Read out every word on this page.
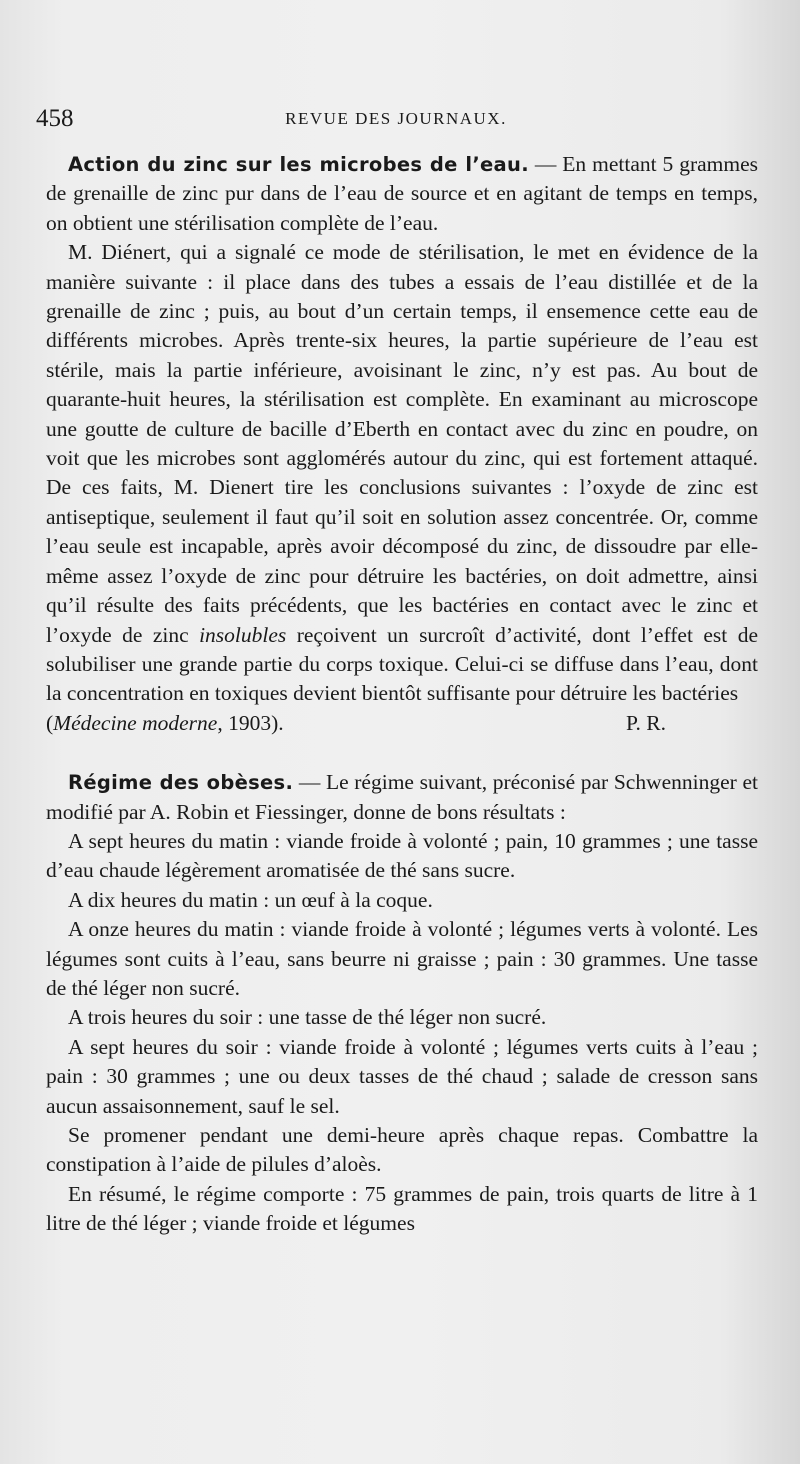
458	REVUE DES JOURNAUX.

Action du zinc sur les microbes de l’eau. — En mettant 5 grammes de grenaille de zinc pur dans de l’eau de source et en agitant de temps en temps, on obtient une stérilisation complète de l’eau.

M. Diénert, qui a signalé ce mode de stérilisation, le met en évidence de la manière suivante : il place dans des tubes a essais de l’eau distillée et de la grenaille de zinc ; puis, au bout d’un certain temps, il ensemence cette eau de différents microbes. Après trente-six heures, la partie supérieure de l’eau est stérile, mais la partie inférieure, avoisinant le zinc, n’y est pas. Au bout de quarante-huit heures, la stérilisation est complète. En examinant au microscope une goutte de culture de bacille d’Eberth en contact avec du zinc en poudre, on voit que les microbes sont agglomérés autour du zinc, qui est fortement attaqué. De ces faits, M. Dienert tire les conclusions suivantes : l’oxyde de zinc est antiseptique, seulement il faut qu’il soit en solution assez concentrée. Or, comme l’eau seule est incapable, après avoir décomposé du zinc, de dissoudre par elle-même assez l’oxyde de zinc pour détruire les bactéries, on doit admettre, ainsi qu’il résulte des faits précédents, que les bactéries en contact avec le zinc et l’oxyde de zinc insolubles reçoivent un surcroît d’activité, dont l’effet est de solubiliser une grande partie du corps toxique. Celui-ci se diffuse dans l’eau, dont la concentration en toxiques devient bientôt suffisante pour détruire les bactéries

(Médecine moderne, 1903).	P. R.

Régime des obèses. — Le régime suivant, préconisé par Schwenninger et modifié par A. Robin et Fiessinger, donne de bons résultats :

A sept heures du matin : viande froide à volonté ; pain, 10 grammes ; une tasse d’eau chaude légèrement aromatisée de thé sans sucre.

A dix heures du matin : un œuf à la coque.

A onze heures du matin : viande froide à volonté ; légumes verts à volonté. Les légumes sont cuits à l’eau, sans beurre ni graisse ; pain : 30 grammes. Une tasse de thé léger non sucré.

A trois heures du soir : une tasse de thé léger non sucré.

A sept heures du soir : viande froide à volonté ; légumes verts cuits à l’eau ; pain : 30 grammes ; une ou deux tasses de thé chaud ; salade de cresson sans aucun assaisonnement, sauf le sel.

Se promener pendant une demi-heure après chaque repas. Combattre la constipation à l’aide de pilules d’aloès.

En résumé, le régime comporte : 75 grammes de pain, trois quarts de litre à 1 litre de thé léger ; viande froide et légumes
